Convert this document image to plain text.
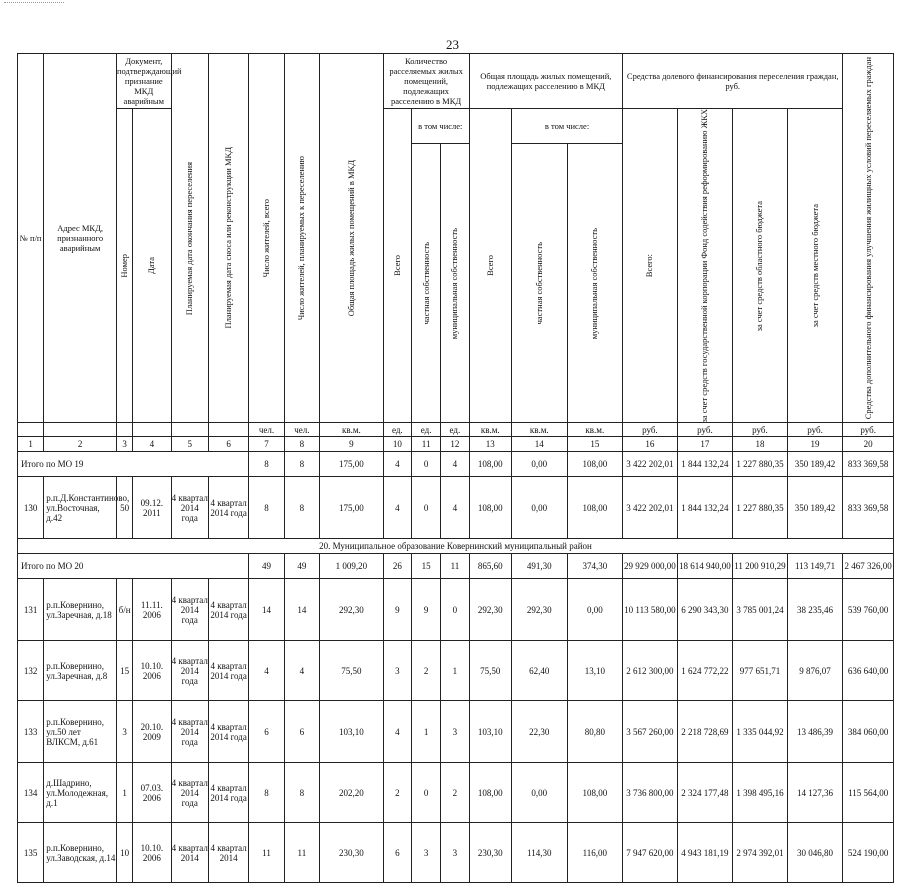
23
№ п/п	Адрес МКД, признанного аварийным	Документ, подтверждающий признание МКД аварийным		Планируемая дата окончания переселения	Планируемая дата сноса или реконструкции МКД	Число жителей, всего	Число жителей, планируемых к переселению	Общая площадь жилых помещений в МКД	Количество расселяемых жилых помещений, подлежащих расселению в МКД			Общая площадь жилых помещений, подлежащих расселению в МКД			Средства долевого финансирования переселения граждан, руб.				Средства дополнительного финансирования улучшения жилищных условий переселяемых граждан

		Номер	Дата						Всего	в том числе:		Всего	в том числе:		Всего:	за счет средств государственной корпорации Фонд содействия реформированию ЖКХ	за счет средств областного бюджета	за счет средств местного бюджета	

										частная собственность	муниципальная собственность		частная собственность	муниципальная собственность					

						чел.	чел.	кв.м.	ед.	ед.	ед.	кв.м.	кв.м.	кв.м.	руб.	руб.	руб.	руб.	руб.
1	2	3	4	5	6	7	8	9	10	11	12	13	14	15	16	17	18	19	20
Итого по МО 19						8	8	175,00	4	0	4	108,00	0,00	108,00	3 422 202,01	1 844 132,24	1 227 880,35	350 189,42	833 369,58
130	р.п.Д.Константиново, ул.Восточная, д.42	50	09.12. 2011	4 квартал 2014 года	4 квартал 2014 года	8	8	175,00	4	0	4	108,00	0,00	108,00	3 422 202,01	1 844 132,24	1 227 880,35	350 189,42	833 369,58
20. Муниципальное образование Ковернинский муниципальный район																			
Итого по МО 20						49	49	1 009,20	26	15	11	865,60	491,30	374,30	29 929 000,00	18 614 940,00	11 200 910,29	113 149,71	2 467 326,00
131	р.п.Ковернино, ул.Заречная, д.18	б/н	11.11. 2006	4 квартал 2014 года	4 квартал 2014 года	14	14	292,30	9	9	0	292,30	292,30	0,00	10 113 580,00	6 290 343,30	3 785 001,24	38 235,46	539 760,00
132	р.п.Ковернино, ул.Заречная, д.8	15	10.10. 2006	4 квартал 2014 года	4 квартал 2014 года	4	4	75,50	3	2	1	75,50	62,40	13,10	2 612 300,00	1 624 772,22	977 651,71	9 876,07	636 640,00
133	р.п.Ковернино, ул.50 лет ВЛКСМ, д.61	3	20.10. 2009	4 квартал 2014 года	4 квартал 2014 года	6	6	103,10	4	1	3	103,10	22,30	80,80	3 567 260,00	2 218 728,69	1 335 044,92	13 486,39	384 060,00
134	д.Шадрино, ул.Молодежная, д.1	1	07.03. 2006	4 квартал 2014 года	4 квартал 2014 года	8	8	202,20	2	0	2	108,00	0,00	108,00	3 736 800,00	2 324 177,48	1 398 495,16	14 127,36	115 564,00
135	р.п.Ковернино, ул.Заводская, д.14	10	10.10. 2006	4 квартал 2014	4 квартал 2014	11	11	230,30	6	3	3	230,30	114,30	116,00	7 947 620,00	4 943 181,19	2 974 392,01	30 046,80	524 190,00
